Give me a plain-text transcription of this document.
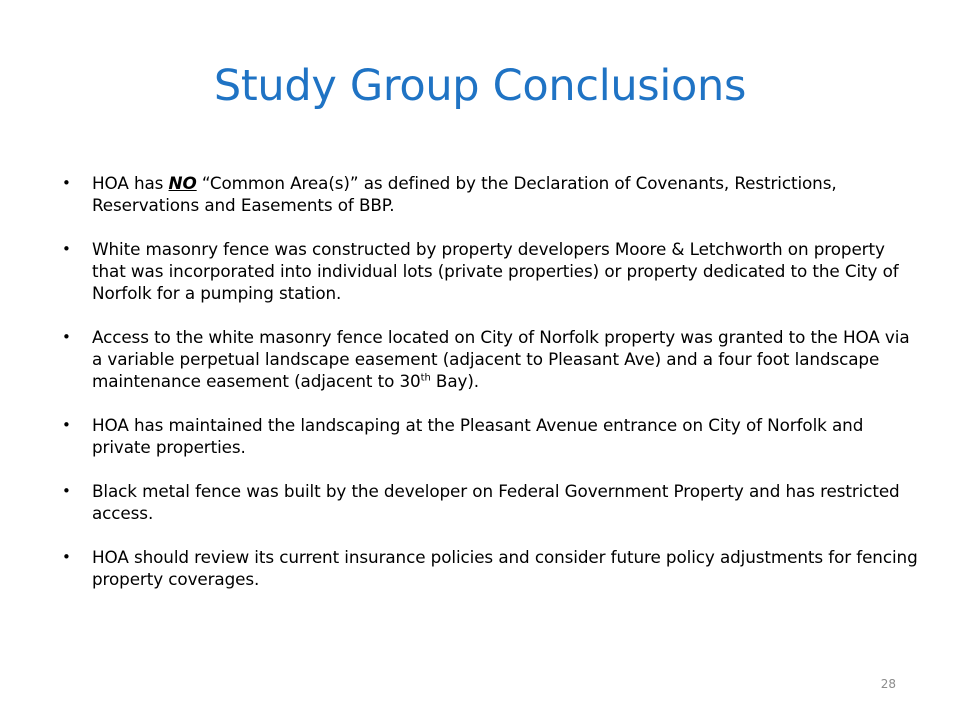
Study Group Conclusions
•	HOA has NO “Common Area(s)” as defined by the Declaration of Covenants, Restrictions, Reservations and Easements of BBP.
•	White masonry fence was constructed by property developers Moore & Letchworth on property that was incorporated into individual lots (private properties) or property dedicated to the City of Norfolk for a pumping station.
•	Access to the white masonry fence located on City of Norfolk property was granted to the HOA via a variable perpetual landscape easement (adjacent to Pleasant Ave) and a four foot landscape maintenance easement (adjacent to 30th Bay).
•	HOA has maintained the landscaping at the Pleasant Avenue entrance on City of Norfolk and private properties.
•	Black metal fence was built by the developer on Federal Government Property and has restricted access.
•	HOA should review its current insurance policies and consider future policy adjustments for fencing property coverages.
28
